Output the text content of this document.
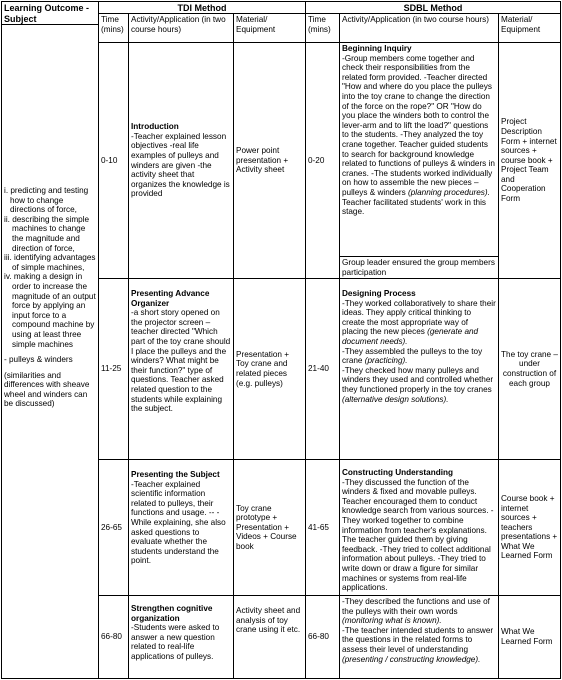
Learning Outcome - Subject
TDI Method	SDBL Method
Time (mins)
Activity/Application (in two course hours)
Material/ Equipment
Time (mins)
Activity/Application (in two course hours)	Material/ Equipment
i. predicting and testing how to change directions of force,
ii. describing the simple machines to change the magnitude and direction of force,
iii. identifying advantages of simple machines,
iv. making a design in order to increase the magnitude of an output force by applying an input force to a compound machine by using at least three simple machines
- pulleys & winders
(similarities and differences with sheave wheel and winders can be discussed)
0-10
Introduction
-Teacher explained lesson objectives -real life examples of pulleys and winders are given -the activity sheet that organizes the knowledge is provided
Power point presentation + Activity sheet
11-25
Presenting Advance Organizer
-a short story opened on the projector screen –teacher directed "Which part of the toy crane should I place the pulleys and the winders? What might be their function?" type of questions. Teacher asked related question to the students while explaining the subject.
Presentation + Toy crane and related pieces (e.g. pulleys)
26-65
Presenting the Subject
-Teacher explained scientific information related to pulleys, their functions and usage. -- -While explaining, she also asked questions to evaluate whether the students understand the point.
Toy crane prototype + Presentation + Videos + Course book
66-80
Strengthen cognitive organization
-Students were asked to answer a new question related to real-life applications of pulleys.
Activity sheet and analysis of toy crane using it etc.
0-20
Beginning Inquiry
-Group members come together and check their responsibilities from the related form provided. -Teacher directed "How and where do you place the pulleys into the toy crane to change the direction of the force on the rope?" OR "How do you place the winders both to control the lever-arm and to lift the load?" questions to the students. -They analyzed the toy crane together. Teacher guided students to search for background knowledge related to functions of pulleys & winders in cranes. -The students worked individually on how to assemble the new pieces – pulleys & winders (planning procedures). Teacher facilitated students' work in this stage.
Group leader ensured the group members participation
Project Description Form + internet sources + course book + Project Team and Cooperation Form
21-40
Designing Process
-They worked collaboratively to share their ideas. They apply critical thinking to create the most appropriate way of placing the new pieces (generate and document needs).
-They assembled the pulleys to the toy crane (practicing).
-They checked how many pulleys and winders they used and controlled whether they functioned properly in the toy cranes (alternative design solutions).
The toy crane – under construction of each group
41-65
Constructing Understanding
-They discussed the function of the winders & fixed and movable pulleys. Teacher encouraged them to conduct knowledge search from various sources. -They worked together to combine information from teacher's explanations. The teacher guided them by giving feedback. -They tried to collect additional information about pulleys. -They tried to write down or draw a figure for similar machines or systems from real-life applications.
Course book + internet sources + teachers presentations + What We Learned Form
66-80
-They described the functions and use of the pulleys with their own words (monitoring what is known).
-The teacher intended students to answer the questions in the related forms to assess their level of understanding (presenting / constructing knowledge).
What We Learned Form
